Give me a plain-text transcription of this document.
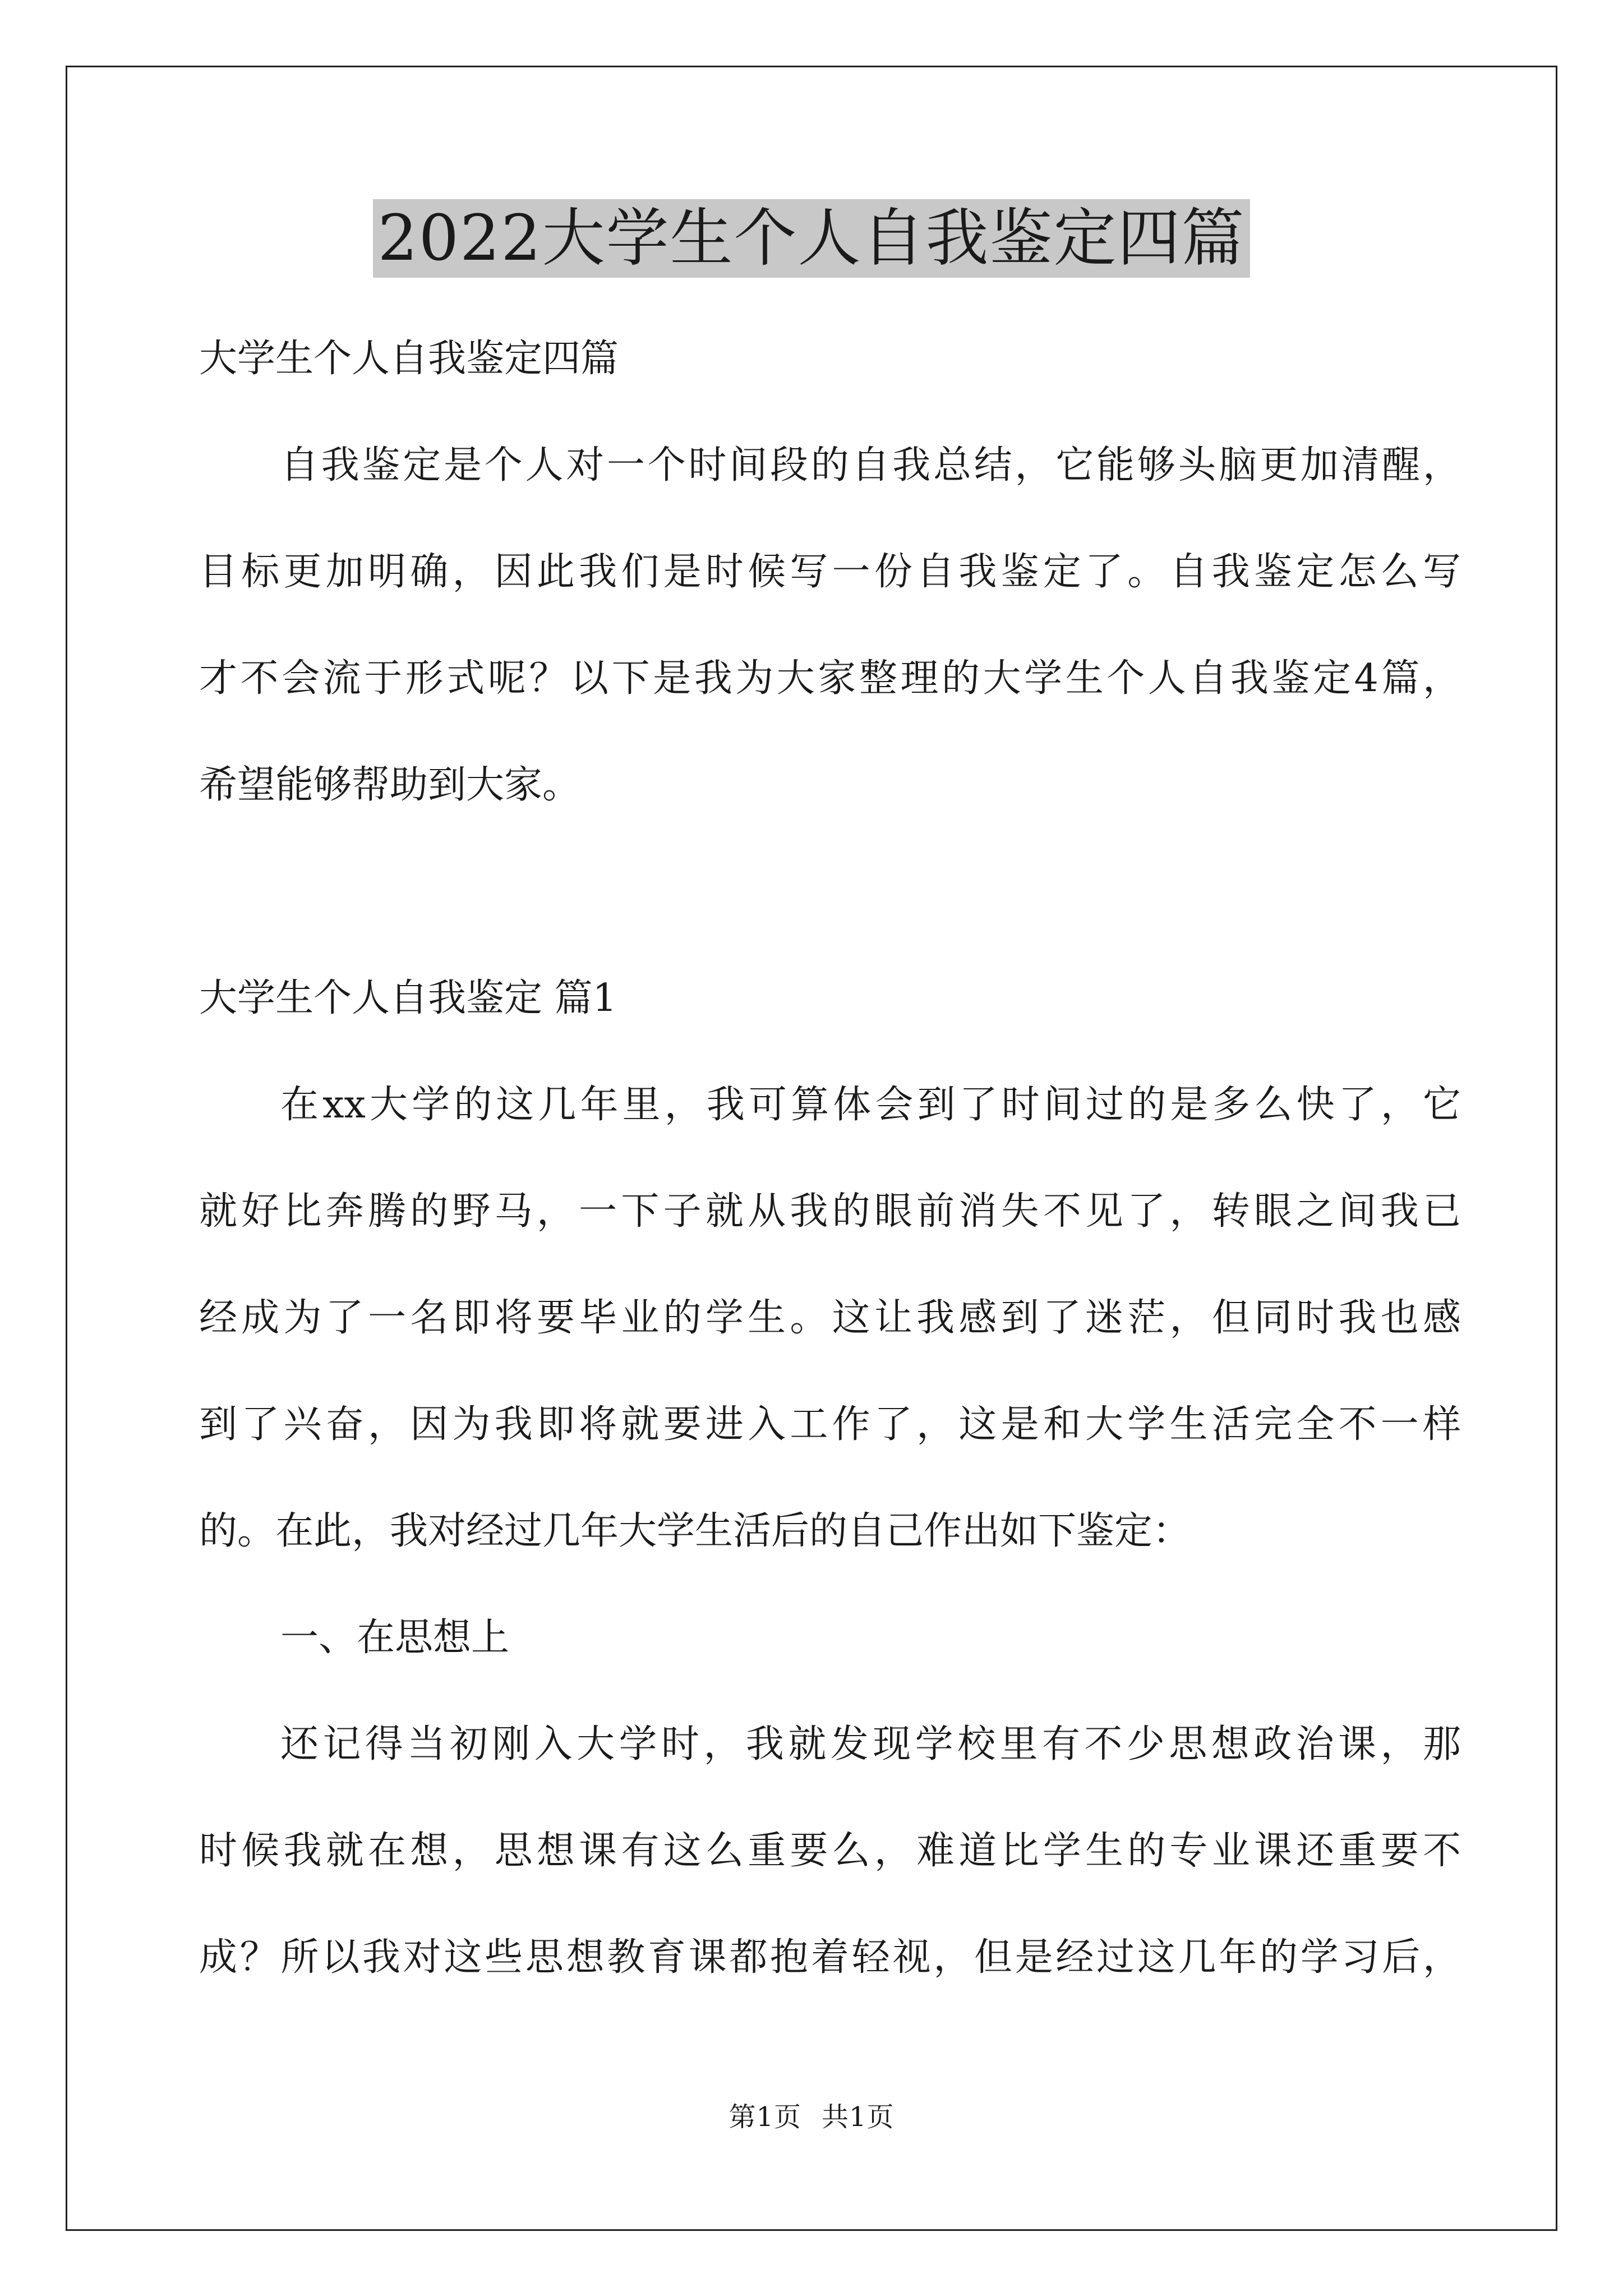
2022大学生个人自我鉴定四篇
大学生个人自我鉴定四篇
自我鉴定是个人对一个时间段的自我总结，它能够头脑更加清醒，
目标更加明确，因此我们是时候写一份自我鉴定了。自我鉴定怎么写
才不会流于形式呢？以下是我为大家整理的大学生个人自我鉴定4篇，
希望能够帮助到大家。
大学生个人自我鉴定 篇1
在xx大学的这几年里，我可算体会到了时间过的是多么快了，它
就好比奔腾的野马，一下子就从我的眼前消失不见了，转眼之间我已
经成为了一名即将要毕业的学生。这让我感到了迷茫，但同时我也感
到了兴奋，因为我即将就要进入工作了，这是和大学生活完全不一样
的。在此，我对经过几年大学生活后的自己作出如下鉴定：
一、在思想上
还记得当初刚入大学时，我就发现学校里有不少思想政治课，那
时候我就在想，思想课有这么重要么，难道比学生的专业课还重要不
成？所以我对这些思想教育课都抱着轻视，但是经过这几年的学习后，
第1页 共1页
